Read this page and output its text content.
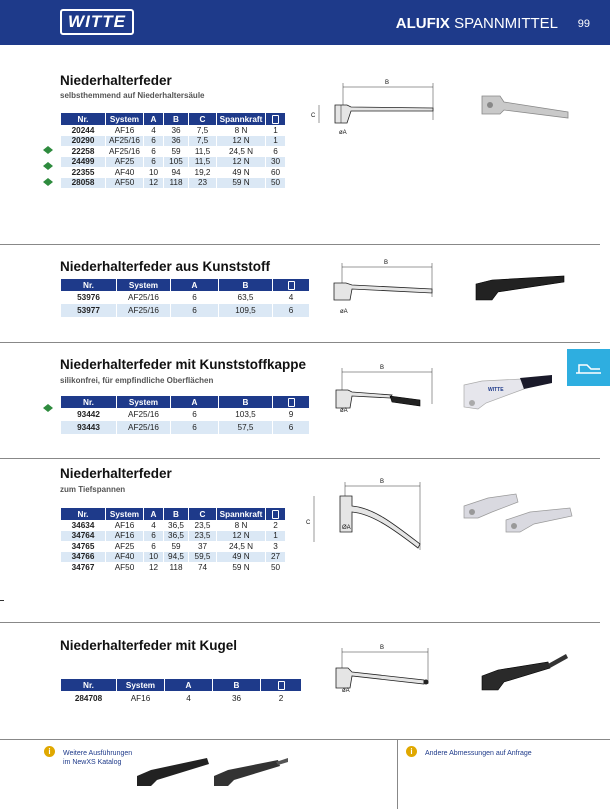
WITTE	ALUFIX SPANNMITTEL 99
Niederhalterfeder
selbsthemmend auf Niederhaltersäule
Nr.	System	A	B	C	Spannkraft	
20244	AF16	4	36	7,5	8 N	1
20290	AF25/16	6	36	7,5	12 N	1
22258	AF25/16	6	59	11,5	24,5 N	6
24499	AF25	6	105	11,5	12 N	30
22355	AF40	10	94	19,2	49 N	60
28058	AF50	12	118	23	59 N	50
B
C
øA
Niederhalterfeder aus Kunststoff
Nr.	System	A	B	
53976	AF25/16	6	63,5	4
53977	AF25/16	6	109,5	6
B
øA
Niederhalterfeder mit Kunststoffkappe
silikonfrei, für empfindliche Oberflächen
Nr.	System	A	B	
93442	AF25/16	6	103,5	9
93443	AF25/16	6	57,5	6
B
øA
WITTE
Niederhalterfeder
zum Tiefspannen
Nr.	System	A	B	C	Spannkraft	
34634	AF16	4	36,5	23,5	8 N	2
34764	AF16	6	36,5	23,5	12 N	1
34765	AF25	6	59	37	24,5 N	3
34766	AF40	10	94,5	59,5	49 N	27
34767	AF50	12	118	74	59 N	50
B
C
ØA
Niederhalterfeder mit Kugel
Nr.	System	A	B	
284708	AF16	4	36	2
B
øA
i	Weitere Ausführungen
im NewXS Katalog
i	Andere Abmessungen auf Anfrage
